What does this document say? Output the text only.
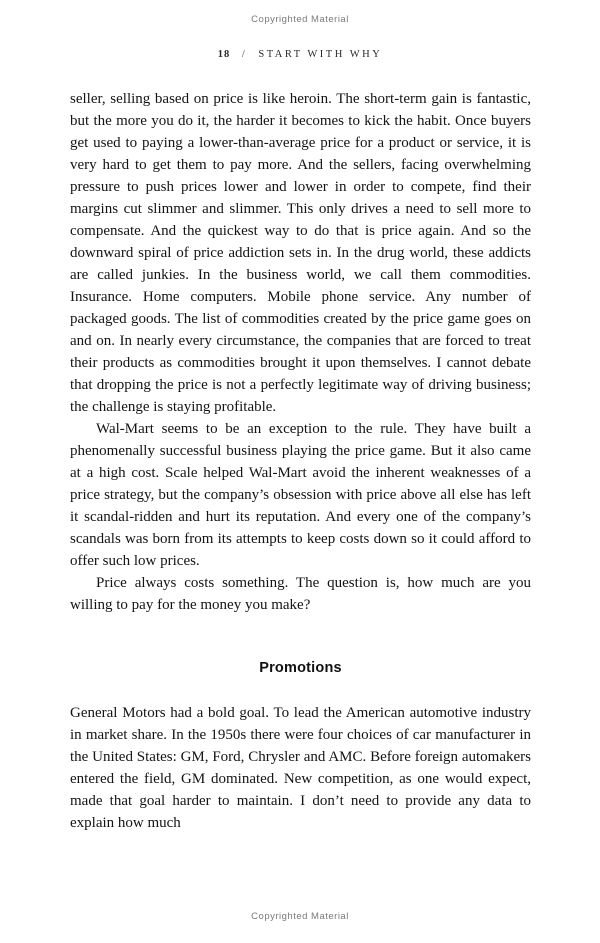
Copyrighted Material
18 / START WITH WHY

seller, selling based on price is like heroin. The short-term gain is fantastic, but the more you do it, the harder it becomes to kick the habit. Once buyers get used to paying a lower-than-average price for a product or service, it is very hard to get them to pay more. And the sellers, facing overwhelming pressure to push prices lower and lower in order to compete, find their margins cut slimmer and slimmer. This only drives a need to sell more to compensate. And the quickest way to do that is price again. And so the downward spiral of price addiction sets in. In the drug world, these addicts are called junkies. In the business world, we call them commodities. Insurance. Home computers. Mobile phone service. Any number of packaged goods. The list of commodities created by the price game goes on and on. In nearly every circumstance, the companies that are forced to treat their products as commodities brought it upon themselves. I cannot debate that dropping the price is not a perfectly legitimate way of driving business; the challenge is staying profitable.

Wal-Mart seems to be an exception to the rule. They have built a phenomenally successful business playing the price game. But it also came at a high cost. Scale helped Wal-Mart avoid the inherent weaknesses of a price strategy, but the company’s obsession with price above all else has left it scandal-ridden and hurt its reputation. And every one of the company’s scandals was born from its attempts to keep costs down so it could afford to offer such low prices.

Price always costs something. The question is, how much are you willing to pay for the money you make?

Promotions

General Motors had a bold goal. To lead the American automotive industry in market share. In the 1950s there were four choices of car manufacturer in the United States: GM, Ford, Chrysler and AMC. Before foreign automakers entered the field, GM dominated. New competition, as one would expect, made that goal harder to maintain. I don’t need to provide any data to explain how much

Copyrighted Material
